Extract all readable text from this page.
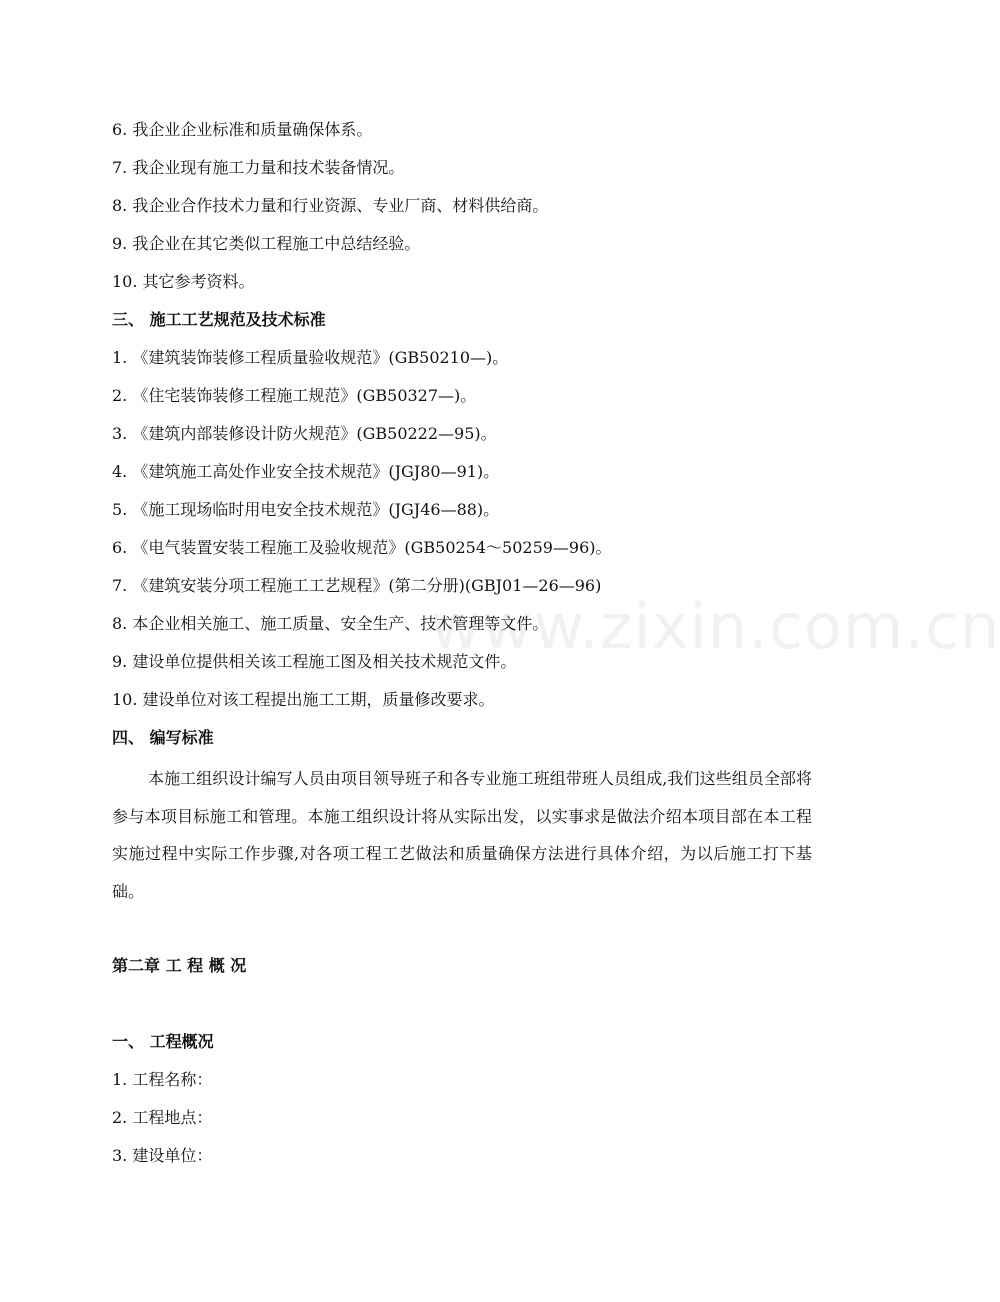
www.zixin.com.cn
6. 我企业企业标准和质量确保体系。
7. 我企业现有施工力量和技术装备情况。
8. 我企业合作技术力量和行业资源、专业厂商、材料供给商。
9. 我企业在其它类似工程施工中总结经验。
10. 其它参考资料。
三、 施工工艺规范及技术标准
1. 《建筑装饰装修工程质量验收规范》(GB50210—)。
2. 《住宅装饰装修工程施工规范》(GB50327—)。
3. 《建筑内部装修设计防火规范》(GB50222—95)。
4. 《建筑施工高处作业安全技术规范》(JGJ80—91)。
5. 《施工现场临时用电安全技术规范》(JGJ46—88)。
6. 《电气装置安装工程施工及验收规范》(GB50254～50259—96)。
7. 《建筑安装分项工程施工工艺规程》(第二分册)(GBJ01—26—96)
8. 本企业相关施工、施工质量、安全生产、技术管理等文件。
9. 建设单位提供相关该工程施工图及相关技术规范文件。
10. 建设单位对该工程提出施工工期，质量修改要求。
四、 编写标准
本施工组织设计编写人员由项目领导班子和各专业施工班组带班人员组成,我们这些组员全部将参与本项目标施工和管理。本施工组织设计将从实际出发，以实事求是做法介绍本项目部在本工程实施过程中实际工作步骤,对各项工程工艺做法和质量确保方法进行具体介绍，为以后施工打下基础。
第二章 工 程 概 况
一、 工程概况
1. 工程名称：
2. 工程地点：
3. 建设单位：
